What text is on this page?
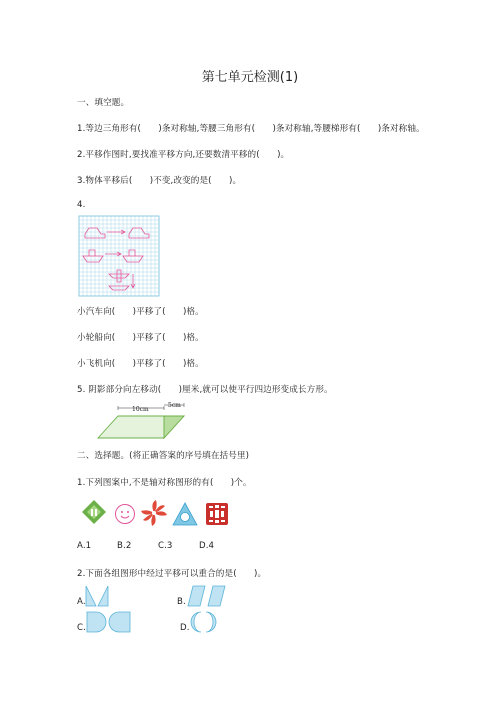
第七单元检测(1)
一、填空题。
1.等边三角形有(　　)条对称轴,等腰三角形有(　　)条对称轴,等腰梯形有(　　)条对称轴。
2.平移作图时,要找准平移方向,还要数清平移的(　　)。
3.物体平移后(　　)不变,改变的是(　　)。
4.
小汽车向(　　)平移了(　　)格。
小轮船向(　　)平移了(　　)格。
小飞机向(　　)平移了(　　)格。
5. 阴影部分向左移动(　　)厘米,就可以使平行四边形变成长方形。
10cm
5cm
二、选择题。(将正确答案的序号填在括号里)
1.下列图案中,不是轴对称图形的有(　　)个。
A.1	B.2	C.3	D.4
2.下面各组图形中经过平移可以重合的是(　　)。
A.	B.
C.	D.
